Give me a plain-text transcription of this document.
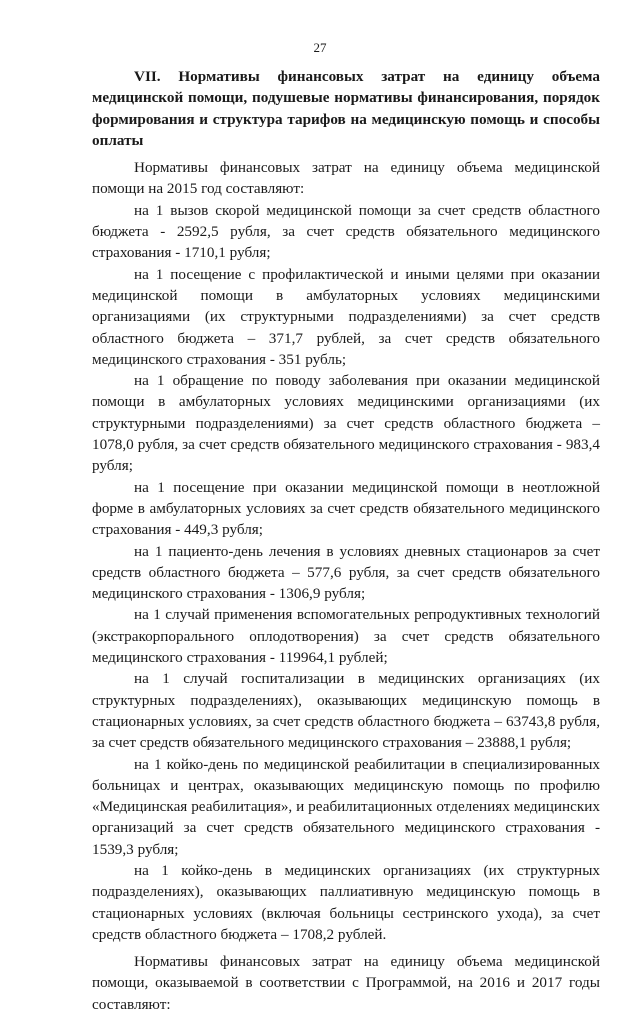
27

VII. Нормативы финансовых затрат на единицу объема медицинской помощи, подушевые нормативы финансирования, порядок формирования и структура тарифов на медицинскую помощь и способы оплаты

Нормативы финансовых затрат на единицу объема медицинской помощи на 2015 год составляют:

на 1 вызов скорой медицинской помощи за счет средств областного бюджета - 2592,5 рубля, за счет средств обязательного медицинского страхования - 1710,1 рубля;

на 1 посещение с профилактической и иными целями при оказании медицинской помощи в амбулаторных условиях медицинскими организациями (их структурными подразделениями) за счет средств областного бюджета – 371,7 рублей, за счет средств обязательного медицинского страхования - 351 рубль;

на 1 обращение по поводу заболевания при оказании медицинской помощи в амбулаторных условиях медицинскими организациями (их структурными подразделениями) за счет средств областного бюджета – 1078,0 рубля, за счет средств обязательного медицинского страхования - 983,4 рубля;

на 1 посещение при оказании медицинской помощи в неотложной форме в амбулаторных условиях за счет средств обязательного медицинского страхования - 449,3 рубля;

на 1 пациенто-день лечения в условиях дневных стационаров за счет средств областного бюджета – 577,6 рубля, за счет средств обязательного медицинского страхования - 1306,9 рубля;

на 1 случай применения вспомогательных репродуктивных технологий (экстракорпорального оплодотворения) за счет средств обязательного медицинского страхования - 119964,1 рублей;

на 1 случай госпитализации в медицинских организациях (их структурных подразделениях), оказывающих медицинскую помощь в стационарных условиях, за счет средств областного бюджета – 63743,8 рубля, за счет средств обязательного медицинского страхования – 23888,1 рубля;

на 1 койко-день по медицинской реабилитации в специализированных больницах и центрах, оказывающих медицинскую помощь по профилю «Медицинская реабилитация», и реабилитационных отделениях медицинских организаций за счет средств обязательного медицинского страхования - 1539,3 рубля;

на 1 койко-день в медицинских организациях (их структурных подразделениях), оказывающих паллиативную медицинскую помощь в стационарных условиях (включая больницы сестринского ухода), за счет средств областного бюджета – 1708,2 рублей.

Нормативы финансовых затрат на единицу объема медицинской помощи, оказываемой в соответствии с Программой, на 2016 и 2017 годы составляют:
